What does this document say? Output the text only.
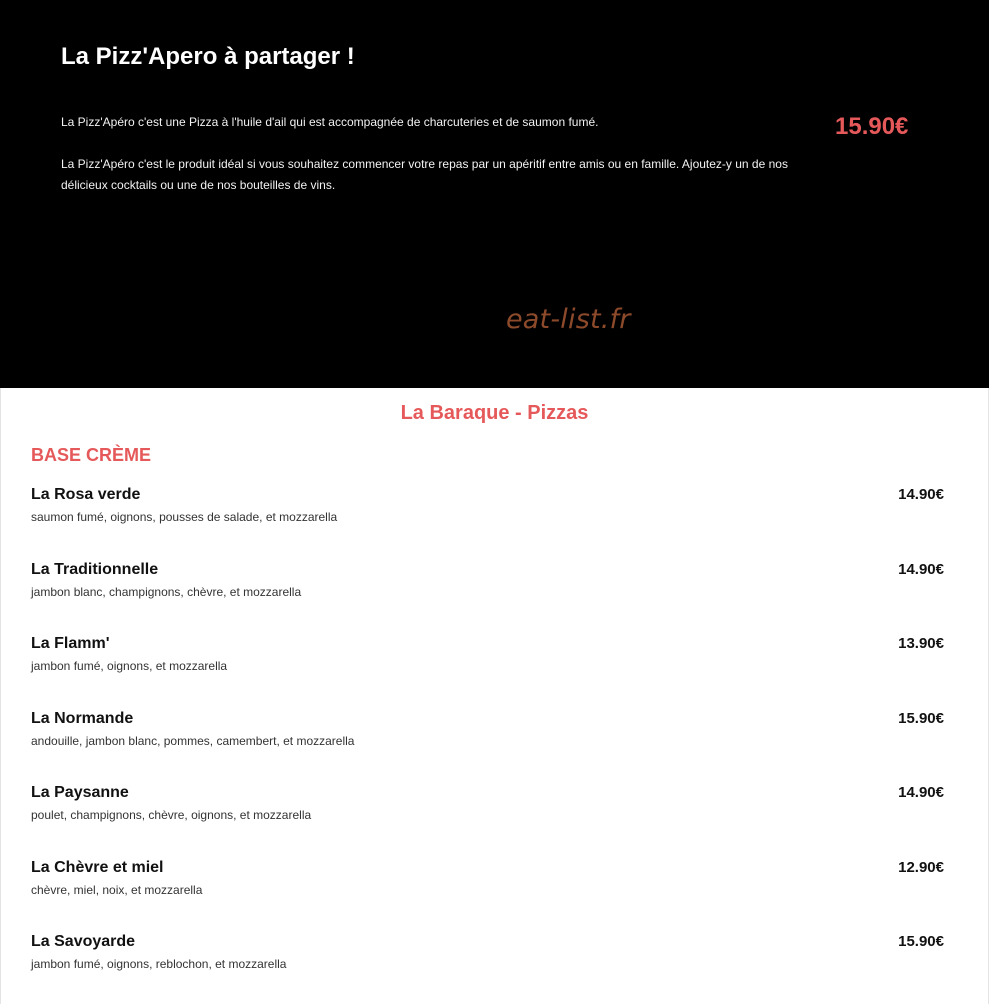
La Pizz'Apero à partager !

La Pizz'Apéro c'est une Pizza à l'huile d'ail qui est accompagnée de charcuteries et de saumon fumé.

La Pizz'Apéro c'est le produit idéal si vous souhaitez commencer votre repas par un apéritif entre amis ou en famille. Ajoutez-y un de nos délicieux cocktails ou une de nos bouteilles de vins.

15.90€
eat-list.fr
La Baraque - Pizzas
BASE CRÈME
La Rosa verde	14.90€
saumon fumé, oignons, pousses de salade, et mozzarella
La Traditionnelle	14.90€
jambon blanc, champignons, chèvre, et mozzarella
La Flamm'	13.90€
jambon fumé, oignons, et mozzarella
La Normande	15.90€
andouille, jambon blanc, pommes, camembert, et mozzarella
La Paysanne	14.90€
poulet, champignons, chèvre, oignons, et mozzarella
La Chèvre et miel	12.90€
chèvre, miel, noix, et mozzarella
La Savoyarde	15.90€
jambon fumé, oignons, reblochon, et mozzarella
